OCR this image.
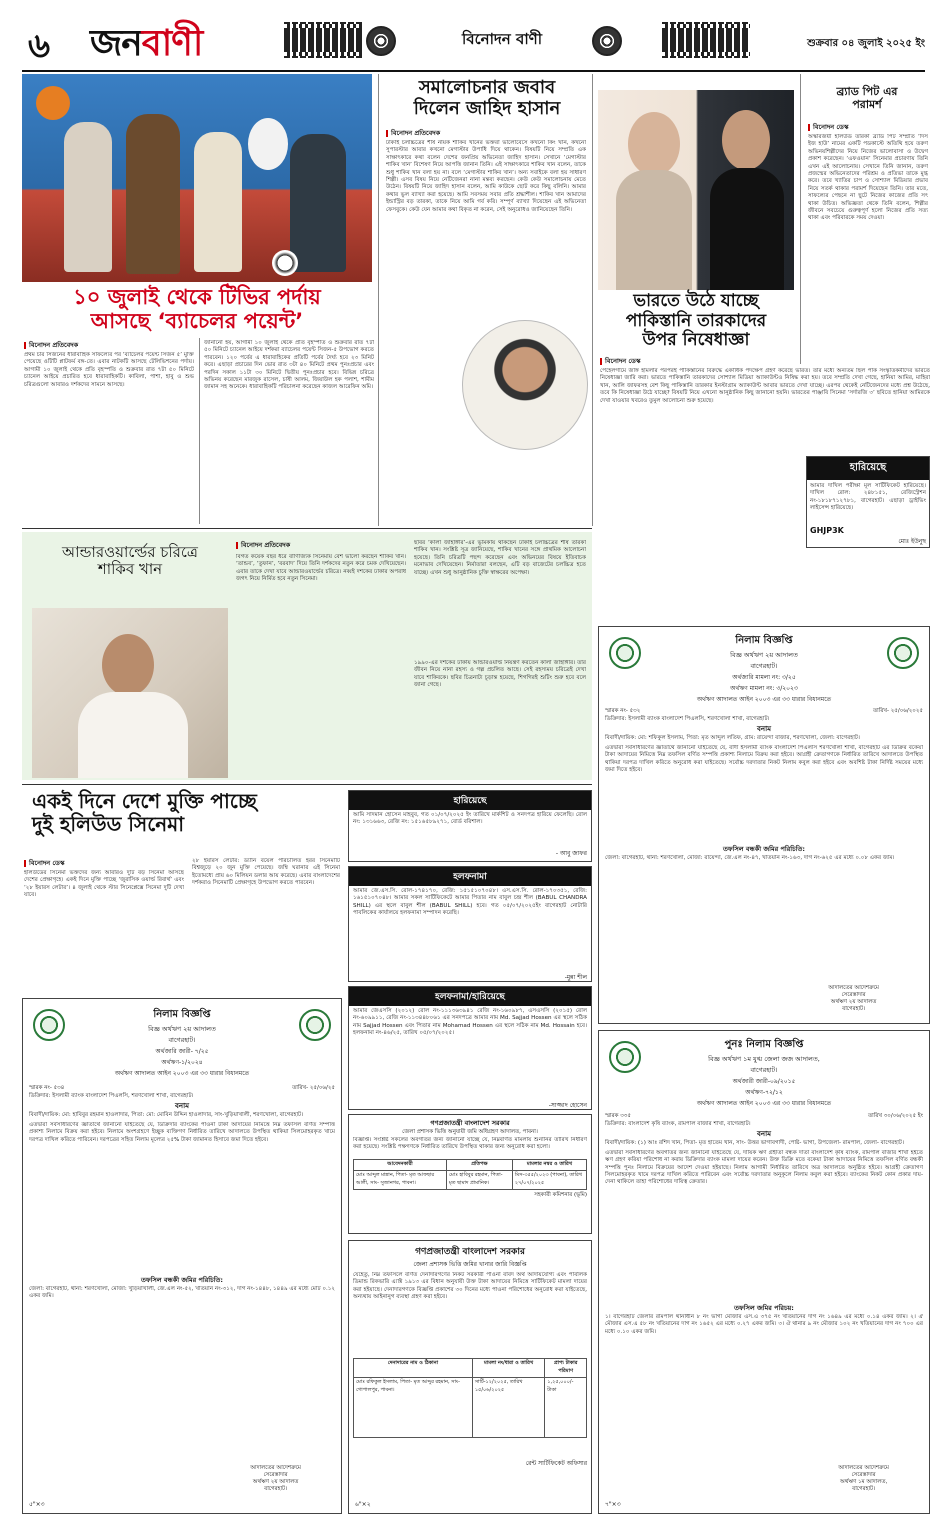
৬ জনবাণী	বিনোদন বাণী	শুক্রবার ০৪ জুলাই ২০২৫ ইং
১০ জুলাই থেকে টিভির পর্দায়
আসছে ‘ব্যাচেলর পয়েন্ট’
বিনোদন প্রতিবেদক
প্রথম চার সিজনের ধারাবাহিক সাফল্যের পর ‘ব্যাচেলর পয়েন্ট সিজন ৫’ মুক্তি পেয়েছে ওটিটি প্লাটফর্ম বঙ্গ-তে। এবার নাটকটি আসছে টেলিভিশনের পর্দায়। আগামী ১০ জুলাই থেকে প্রতি বৃহস্পতি ও শুক্রবার রাত ৭টা ৫০ মিনিটে চ্যানেল আইয়ে প্রচারিত হবে ধারাবাহিকটি। কাবিলা, পাশা, হাবু ও শুভ চরিত্রগুলো আবারও দর্শকদের সামনে আসছে।
জানানো হয়, আগামী ১০ জুলাই থেকে প্রতি বৃহস্পতি ও শুক্রবার রাত ৭টা ৫০ মিনিটে চ্যানেল আইয়ে দর্শকরা ব্যাচেলর পয়েন্ট সিজন-৫ উপভোগ করতে পারবেন। ১২০ পর্বের এ ধারাবাহিকের প্রতিটি পর্বের দৈর্ঘ্য হবে ২৩ মিনিট করে। এছাড়া প্রচারের দিন ভোর রাত ৩টা ৪০ মিনিটে প্রথম পুনঃপ্রচার এবং পরদিন সকাল ১১টা ৩০ মিনিটে দ্বিতীয় পুনঃপ্রচার হবে। বিভিন্ন চরিত্রে অভিনয় করেছেন মারজুক রাসেল, চাষী আলম, জিয়াউল হক পলাশ, শামীম জামান সহ অনেকে। ধারাবাহিকটি পরিচালনা করেছেন কাজল আরেফিন অমি।
সমালোচনার জবাব
দিলেন জাহিদ হাসান
বিনোদন প্রতিবেদক
ঢাকাই চলচ্চিত্রের শীর্ষ নায়ক শাকিব খানের ভক্তরা ভালোবেসে কখনো কিং খান, কখনো সুপারস্টার আবার কখনো মেগাস্টার উপাধি দিয়ে থাকেন। বিষয়টি নিয়ে সম্প্রতি এক সাক্ষাৎকারে কথা বলেন দেশের জনপ্রিয় অভিনেতা জাহিদ হাসান। সেখানে ‘মেগাস্টার শাকিব খান’ বিশেষণ নিয়ে আপত্তি জানান তিনি। এই সাক্ষাৎকারে শাকিব খান বলেন, তাকে শুধু শাকিব খান বলা হয় না। বলে ‘মেগাস্টার শাকিব খান’। অন্য সবাইকে বলা হয় সাধারণ শিল্পী। এসব বিষয় নিয়ে নেটিজেনরা নানা মন্তব্য করছেন। কেউ কেউ সমালোচনায় মেতে উঠেন। বিষয়টি নিয়ে জাহিদ হাসান বলেন, আমি কাউকে ছোট করে কিছু বলিনি। আমার কথার ভুল ব্যাখ্যা করা হয়েছে। আমি সবসময় সবার প্রতি শ্রদ্ধাশীল। শাকিব খান আমাদের ইন্ডাস্ট্রির বড় তারকা, তাকে নিয়ে আমি গর্ব করি। সম্পূর্ণ ব্যাখ্যা দিয়েছেন এই অভিনেতা ফেসবুকে। কেউ যেন আমার কথা বিকৃত না করেন, সেই অনুরোধও জানিয়েছেন তিনি।
ভারতে উঠে যাচ্ছে
পাকিস্তানি তারকাদের
উপর নিষেধাজ্ঞা
বিনোদন ডেস্ক
পেহেলগামে জঙ্গি হামলার পরপরই পাকিস্তানের বিরুদ্ধে একাধিক পদক্ষেপ গ্রহণ করেছে ভারত। তার মধ্যে অন্যতম ছিল পাক সংস্কৃতিকর্মীদের ভারতে নিষেধাজ্ঞা জারি করা। ভারতে পাকিস্তানি তারকাদের সোশ্যাল মিডিয়া অ্যাকাউন্টও নিষিদ্ধ করা হয়। তবে সম্প্রতি দেখা গেছে, হানিয়া আমির, মাহিরা খান, আলি জাফরসহ বেশ কিছু পাকিস্তানি তারকার ইনস্টাগ্রাম অ্যাকাউন্ট আবার ভারতে দেখা যাচ্ছে। এরপর থেকেই নেটিজেনদের মধ্যে প্রশ্ন উঠেছে, তবে কি নিষেধাজ্ঞা উঠে যাচ্ছে? বিষয়টি নিয়ে এখনো আনুষ্ঠানিক কিছু জানানো হয়নি। ভারতের পাঞ্জাবি সিনেমা ‘সর্দারজি ৩’ ছবিতে হানিয়া আমিরকে দেখা যাওয়ার খবরেও তুমুল আলোচনা শুরু হয়েছে।
ব্র্যাড পিট এর
পরামর্শ
বিনোদন ডেস্ক
অস্কারজয়ী হলিউড তারকা ব্র্যাড পিট সম্প্রতি ‘দিস ইজ হাউ’ নামের একটি পডকাস্টে অতিথি হয়ে তরুণ অভিনয়শিল্পীদের নিয়ে নিজের ভালোবাসা ও উদ্বেগ প্রকাশ করেছেন। ‘এফওয়ান’ সিনেমার প্রচারণায় তিনি এখন এই আলোচনায়। সেখানে তিনি জানান, তরুণ প্রজন্মের অভিনেতাদের পরিশ্রম ও প্রতিভা তাকে মুগ্ধ করে। তবে খ্যাতির চাপ ও সোশ্যাল মিডিয়ার প্রভাব নিয়ে সতর্ক থাকার পরামর্শ দিয়েছেন তিনি। তার মতে, সাফল্যের পেছনে না ছুটে নিজের কাজের প্রতি সৎ থাকা উচিত। অভিজ্ঞতা থেকে তিনি বলেন, শিল্পীর জীবনে সবচেয়ে গুরুত্বপূর্ণ হলো নিজের প্রতি সত্য থাকা এবং পরিবারকে সময় দেওয়া।
হারিয়েছে
আমার দাখিল পরীক্ষা মূল সার্টিফিকেট হারিয়েছে। দাখিল রোল: ২৪৮১৫১, রেজিস্ট্রেশন নং-১৮১৮৭১২৭৮১, বাগেরহাট। এছাড়া ড্রাইভিং লাইসেন্স হারিয়েছে।
GHJP3K
মোঃ ইউনুছ
আন্ডারওয়ার্ল্ডের চরিত্রে
শাকিব খান
বিনোদন প্রতিবেদক
বিগত কয়েক বছর ধরে বাণিজ্যিক সিনেমায় বেশ ভালো করছেন শাকিব খান। ‘তান্ডব’, ‘তুফান’, ‘বরবাদ’ দিয়ে তিনি দর্শকদের নতুন করে চমক দেখিয়েছেন। এবার তাকে দেখা যাবে আন্ডারওয়ার্ল্ডের চরিত্রে। নব্বই দশকের ঢাকার অপরাধ জগৎ নিয়ে নির্মিত হবে নতুন সিনেমা।
ছবির ‘কালা জাহাঙ্গীর’-এর ভূমিকায় থাকছেন ঢাকাই চলচ্চিত্রের শীর্ষ তারকা শাকিব খান। সংশ্লিষ্ট সূত্র জানিয়েছে, শাকিব খানের সঙ্গে প্রাথমিক আলোচনা হয়েছে। তিনি চরিত্রটি পছন্দ করেছেন এবং অভিনয়ের বিষয়ে ইতিবাচক মনোভাব দেখিয়েছেন। নির্মাতারা বলছেন, এটি বড় বাজেটের চলচ্চিত্র হতে যাচ্ছে। এখন শুধু আনুষ্ঠানিক চুক্তি স্বাক্ষরের অপেক্ষা।
১৯৯০-এর দশকের ঢাকায় আন্ডারওয়ার্ল্ড নিয়ন্ত্রণ করতেন কালা জাহাঙ্গীর। তার জীবন নিয়ে নানা রহস্য ও গল্প প্রচলিত আছে। সেই রহস্যময় চরিত্রেই দেখা যাবে শাকিবকে। ছবির চিত্রনাট্য চূড়ান্ত হয়েছে, শিগগিরই শুটিং শুরু হবে বলে জানা গেছে।
নিলাম বিজ্ঞপ্তি
বিজ্ঞ অর্থঋণ ২য় আদালত
বাগেরহাট।
অর্থজারি মামলা নং: ৩/২৫
অর্থঋণ মামলা নং: ৩/২০২৩
অর্থঋণ আদালত আইন ২০০৩ এর ৩৩ ধারার বিধানমতে
স্মারক নং- ৫৩২	তারিখ- ২৫/০৬/২০২৫
ডিক্রিদার: ইসলামী ব্যাংক বাংলাদেশ পিএলসি, শরণখোলা শাখা, বাগেরহাট।
বনাম
বিবাদী/দায়িক: মো: শফিকুল ইসলাম, পিতা: মৃত আব্দুল লতিফ, গ্রাম: রায়েন্দা বাজার, শরণখোলা, জেলা: বাগেরহাট।
এতদ্বারা সর্বসাধারণের জ্ঞাতার্থে জানানো যাইতেছে যে, বাদী ইসলামী ব্যাংক বাংলাদেশ পিএলসি শরণখোলা শাখা, বাগেরহাট এর ডিক্রির বকেয়া টাকা আদায়ের নিমিত্তে নিম্ন তফসিল বর্ণিত সম্পত্তি প্রকাশ্য নিলামে বিক্রয় করা হইবে। আগ্রহী ক্রেতাগণকে নির্ধারিত তারিখে আদালতে উপস্থিত থাকিয়া দরপত্র দাখিল করিতে অনুরোধ করা যাইতেছে। সর্বোচ্চ দরদাতার নিকট নিলাম কবুল করা হইবে এবং অবশিষ্ট টাকা নির্দিষ্ট সময়ের মধ্যে জমা দিতে হইবে।
তফসিল বন্ধকী জমির পরিচিতি:
জেলা: বাগেরহাট, থানা: শরণখোলা, মৌজা: রায়েন্দা, জে.এল নং-৪৭, খতিয়ান নং-১৬৩, দাগ নং-৬২৫ এর মধ্যে ০.০৮ একর জমি।
আদালতের আদেশক্রমে
সেরেস্তাদার
অর্থঋণ ২য় আদালত
বাগেরহাট।
একই দিনে দেশে মুক্তি পাচ্ছে
দুই হলিউড সিনেমা
বিনোদন ডেস্ক
হলিউডের সিনেমা ভক্তদের জন্য আবারও দুটি বড় সিনেমা আসছে দেশের প্রেক্ষাগৃহে। একই দিনে মুক্তি পাচ্ছে ‘জুরাসিক ওয়ার্ল্ড রিবার্থ’ এবং ‘২৮ ইয়ারস লেটার’। ৪ জুলাই থেকে স্টার সিনেপ্লেক্সে সিনেমা দুটি দেখা যাবে।
২৮ ইয়ারস লেটার: ড্যানি বয়েল পরিচালিত হরর সিনেমাটি বিশ্বজুড়ে ২০ জুন মুক্তি পেয়েছে। জম্বি ঘরানার এই সিনেমা ইতোমধ্যে প্রায় ৬০ মিলিয়ন ডলার আয় করেছে। এবার বাংলাদেশের দর্শকরাও সিনেমাটি প্রেক্ষাগৃহে উপভোগ করতে পারবেন।
হারিয়েছে
আমি সাদমান হোসেন মাহবুব, গত ০১/০৭/২০২৫ ইং তারিখে মার্কশিট ও সনদপত্র হারিয়ে ফেলেছি। রোল নং: ১৩১৬৬৩, রেজি নং: ১৫১৬৫৮৯২৭১, বোর্ড বরিশাল।
- আবু জাফর
হলফনামা
আমার জে.এস.সি. রোল-১৭৪১৭০, রেজি: ১৫১৫১০৭০৪৮। এস.এস.সি. রোল-১৭০৩৫১, রেজি: ১৬১৫১০৭০৪৮। আমার সকল সার্টিফিকেটে আমার পিতার নাম বাবুল চন্দ্র শীল (BABUL CHANDRA SHILL) এর স্থলে বাবুল শীল (BABUL SHILL) হবে। গত ০৫/০৭/২০২৫ইং বাগেরহাট নোটারি পাবলিকের কার্যালয়ে হলফনামা সম্পাদন করেছি।
-মুন্না শীল
হলফনামা/হারিয়েছে
আমার জেএসসি (২০১২) রোল নং-১১১৩৬৩৯৪১ রেজি নং-১৬০৯৮৭, এসএসসি (২০১৫) রোল নং-৬০৯৯১১, রেজি নং-১১৩৪৪৮০৬১ এর সনদপত্রে আমার নাম Md. Sajjad Hossen এর স্থলে সঠিক নাম Sajjad Hossen এবং পিতার নাম Mohamad Hossen এর স্থলে সঠিক নাম Md. Hossain হবে। হলফনামা নং-৪৬/২৫, তারিখ ০৫/০৭/২০২৫।
-সাজ্জাদ হোসেন
নিলাম বিজ্ঞপ্তি
বিজ্ঞ অর্থঋণ ২য় আদালত
বাগেরহাট।
অর্থজারি জারী- ৭/২৫
অর্থঋণ-১/২০২৪
অর্থঋণ আদালত আইন ২০০৩ এর ৩৩ ধারার বিধানমতে
স্মারক নং- ৫৩৪	তারিখ- ২৫/০৬/২৫
ডিক্রিদার: ইসলামী ব্যাংক বাংলাদেশ পিএলসি, শরণখোলা শাখা, বাগেরহাট।
বনাম
বিবাদী/দায়িক: মো: হাবিবুর রহমান হাওলাদার, পিতা: মো: মোবিন উদ্দিন হাওলাদার, সাং-খুড়িয়াখালী, শরণখোলা, বাগেরহাট।
এতদ্বারা সর্বসাধারণের জ্ঞাতার্থে জানানো যাইতেছে যে, ডিক্রিদার ব্যাংকের পাওনা টাকা আদায়ের নিমিত্তে নিম্ন তফসিল বর্ণিত সম্পত্তি প্রকাশ্য নিলামে বিক্রয় করা হইবে। নিলামে অংশগ্রহণে ইচ্ছুক ব্যক্তিগণ নির্ধারিত তারিখে আদালতে উপস্থিত থাকিয়া সিলমোহরকৃত খামে দরপত্র দাখিল করিতে পারিবেন। দরপত্রের সহিত নিলাম মূল্যের ২৫% টাকা জামানত হিসাবে জমা দিতে হইবে।
তফসিল বন্ধকী জমির পরিচিতি:
জেলা: বাগেরহাট, থানা: শরণখোলা, মৌজা: খুড়িয়াখালী, জে.এল নং-৫২, খতিয়ান নং-৩১২, দাগ নং-১৪৪৮, ১৪৪৯ এর মধ্যে মোট ০.১২ একর জমি।
আদালতের আদেশক্রমে
সেরেস্তাদার
অর্থঋণ ২য় আদালত
বাগেরহাট।
৫"×৩
গণপ্রজাতন্ত্রী বাংলাদেশ সরকার
জেলা প্রশাসক ভিত্তি অনুযায়ী জমি অধিগ্রহণ আদালত, পাবনা।
বিজ্ঞপ্তি। সংশ্লিষ্ট সকলের অবগতির জন্য জানানো যাচ্ছে যে, নিম্নবর্ণিত মামলায় শুনানির তারিখ নির্ধারণ করা হয়েছে। সংশ্লিষ্ট পক্ষগণকে নির্ধারিত তারিখে উপস্থিত থাকার জন্য অনুরোধ করা হলো।
আবেদনকারী	প্রতিপক্ষ	মামলার নম্বর ও তারিখ
মোঃ আব্দুল মান্নান, পিতা- মৃত আফছার আলী, সাং- সুজানগর, পাবনা।	মোঃ হাবিবুর রহমান, পিতা- মৃত ছামাদ প্রামানিক।	মিস-৩৫৫/২০২৩ (পাবনা), তারিখ ২৭/০৭/২০২৫
সহকারী কমিশনার (ভূমি)
গণপ্রজাতন্ত্রী বাংলাদেশ সরকার
জেলা প্রশাসক ভিত্তি জমির খানার জারি বিজ্ঞপ্তি
যেহেতু, নিম্ন তফসিলে বর্ণিত দেনাদারগণের নিকট সরকারী পাওনা বাবদ অর্থ আদায়যোগ্য এবং পাবলিক ডিমান্ড রিকভারি এ্যাক্ট ১৯১৩ এর বিধান অনুযায়ী উক্ত টাকা আদায়ের নিমিত্তে সার্টিফিকেট মামলা দায়ের করা হইয়াছে। দেনাদারগণকে বিজ্ঞপ্তি প্রকাশের ৩০ দিনের মধ্যে পাওনা পরিশোধের অনুরোধ করা যাইতেছে, অন্যথায় আইনানুগ ব্যবস্থা গ্রহণ করা হইবে।
দেনাদারের নাম ও ঠিকানা	মামলা নং/ধারা ও তারিখ	প্রাপ্য টাকার পরিমাণ
মোঃ রফিকুল ইসলাম, পিতা- মৃত আব্দুর রহমান, সাং- গোপালপুর, পাবনা।	সার্টি-১২/২০২৫, তারিখ ১৫/০৬/২০২৫	১,২৫,০০০/- টাকা
রেন্ট সার্টিফিকেট অফিসার
৬"×২
পুনঃ নিলাম বিজ্ঞপ্তি
বিজ্ঞ অর্থঋণ ১ম যুগ্ম জেলা জজ আদালত,
বাগেরহাট।
অর্থজারী জারী-০৯/২০১৫
অর্থঋণ-৭২/১২
অর্থঋণ আদালত আইন ২০০৩ এর ৩৩ ধারার বিধানমতে
স্মারক ৩৩৫	তারিখ ৩০/০৬/২০২৫ ইং
ডিক্রিদার: বাংলাদেশ কৃষি ব্যাংক, রামপাল বাজার শাখা, বাগেরহাট।
বনাম
বিবাদী/দায়িক: (১) আঃ রশিদ খান, পিতা- মৃত হাতেম খান, সাং- উত্তর ভাগাবগাদী, পোষ্ট- ভাগা, উপজেলা- রামপাল, জেলা- বাগেরহাট।
এতদ্বারা সর্বসাধারণের অবগতির জন্য জানানো যাইতেছে যে, দায়িক ঋণ গ্রহীতা বন্ধক দাতা বাংলাদেশ কৃষি ব্যাংক, রামপাল বাজার শাখা হইতে ঋণ গ্রহণ করিয়া পরিশোধ না করায় ডিক্রিদার ব্যাংক মামলা দায়ের করেন। উক্ত ডিক্রি মতে বকেয়া টাকা আদায়ের নিমিত্তে তফসিল বর্ণিত বন্ধকী সম্পত্তি পুনঃ নিলামে বিক্রয়ের আদেশ দেওয়া হইয়াছে। নিলাম আগামী নির্ধারিত তারিখে অত্র আদালতে অনুষ্ঠিত হইবে। আগ্রহী ক্রেতাগণ সিলমোহরকৃত খামে দরপত্র দাখিল করিতে পারিবেন এবং সর্বোচ্চ দরদাতার অনুকূলে নিলাম কবুল করা হইবে। ব্যাংকের নিকট কোন প্রকার দায়-দেনা থাকিলে তাহা পরিশোধের দায়িত্ব ক্রেতার।
তফসিল জমির পরিচয়:
১। বাগেরহাট জেলার রামপাল থানাধীন ৮ নং ভাগা মৌজার এস.এ ৩৭৫ নং খতিয়ানের দাগ নং ১৬৪৯ এর মধ্যে ০.১৪ একর জমি। ২। ঐ মৌজার এস.এ ৫৮ নং খতিয়ানের দাগ নং ১৬৫২ এর মধ্যে ০.২৭ একর জমি। ৩। ঐ থানার ৯ নং মৌজার ১০২ নং খতিয়ানের দাগ নং ৭০০ এর মধ্যে ০.১০ একর জমি।
আদালতের আদেশক্রমে
সেরেস্তাদার
অর্থঋণ ১ম আদালত,
বাগেরহাট।
৭"×৩
